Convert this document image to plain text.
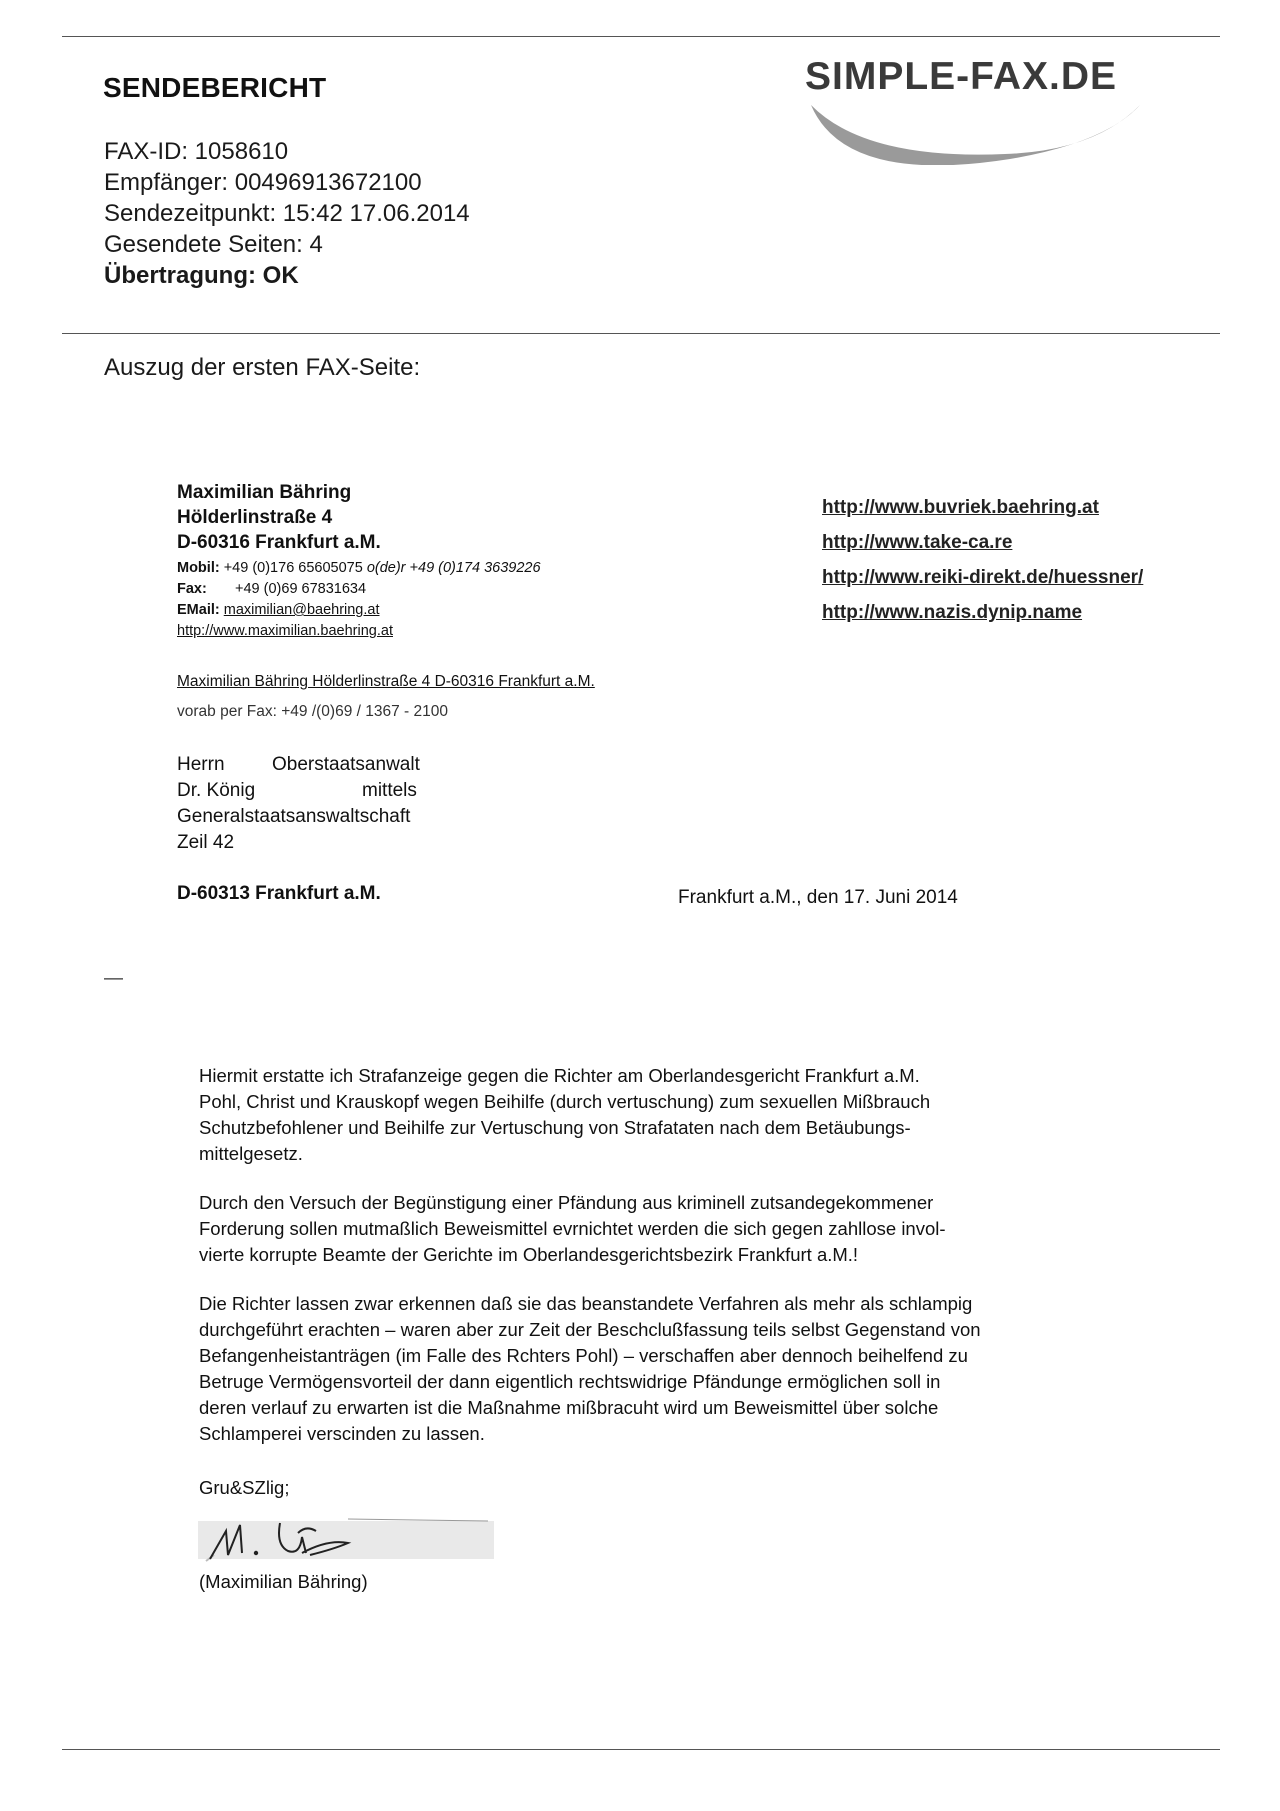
SENDEBERICHT	SIMPLE-FAX.DE
FAX-ID: 1058610
Empfänger: 00496913672100
Sendezeitpunkt: 15:42 17.06.2014
Gesendete Seiten: 4
Übertragung: OK
Auszug der ersten FAX-Seite:
Maximilian Bähring
Hölderlinstraße 4
D-60316 Frankfurt a.M.
Mobil: +49 (0)176 65605075 o(de)r +49 (0)174 3639226
Fax: +49 (0)69 67831634
EMail: maximilian@baehring.at
http://www.maximilian.baehring.at
http://www.buvriek.baehring.at
http://www.take-ca.re
http://www.reiki-direkt.de/huessner/
http://www.nazis.dynip.name
Maximilian Bähring Hölderlinstraße 4 D-60316 Frankfurt a.M.
vorab per Fax: +49 /(0)69 / 1367 - 2100
Herrn Oberstaatsanwalt
Dr. König	mittels
Generalstaatsanswaltschaft
Zeil 42
D-60313 Frankfurt a.M.	Frankfurt a.M., den 17. Juni 2014
—

Hiermit erstatte ich Strafanzeige gegen die Richter am Oberlandesgericht Frankfurt a.M.
Pohl, Christ und Krauskopf wegen Beihilfe (durch vertuschung) zum sexuellen Mißbrauch
Schutzbefohlener und Beihilfe zur Vertuschung von Strafataten nach dem Betäubungs-
mittelgesetz.

Durch den Versuch der Begünstigung einer Pfändung aus kriminell zutsandegekommener
Forderung sollen mutmaßlich Beweismittel evrnichtet werden die sich gegen zahllose invol-
vierte korrupte Beamte der Gerichte im Oberlandesgerichtsbezirk Frankfurt a.M.!

Die Richter lassen zwar erkennen daß sie das beanstandete Verfahren als mehr als schlampig
durchgeführt erachten – waren aber zur Zeit der Beschclußfassung teils selbst Gegenstand von
Befangenheistanträgen (im Falle des Rchters Pohl) – verschaffen aber dennoch beihelfend zu
Betruge Vermögensvorteil der dann eigentlich rechtswidrige Pfändunge ermöglichen soll in
deren verlauf zu erwarten ist die Maßnahme mißbracuht wird um Beweismittel über solche
Schlamperei verscinden zu lassen.

Gru&SZlig;
(Maximilian Bähring)
